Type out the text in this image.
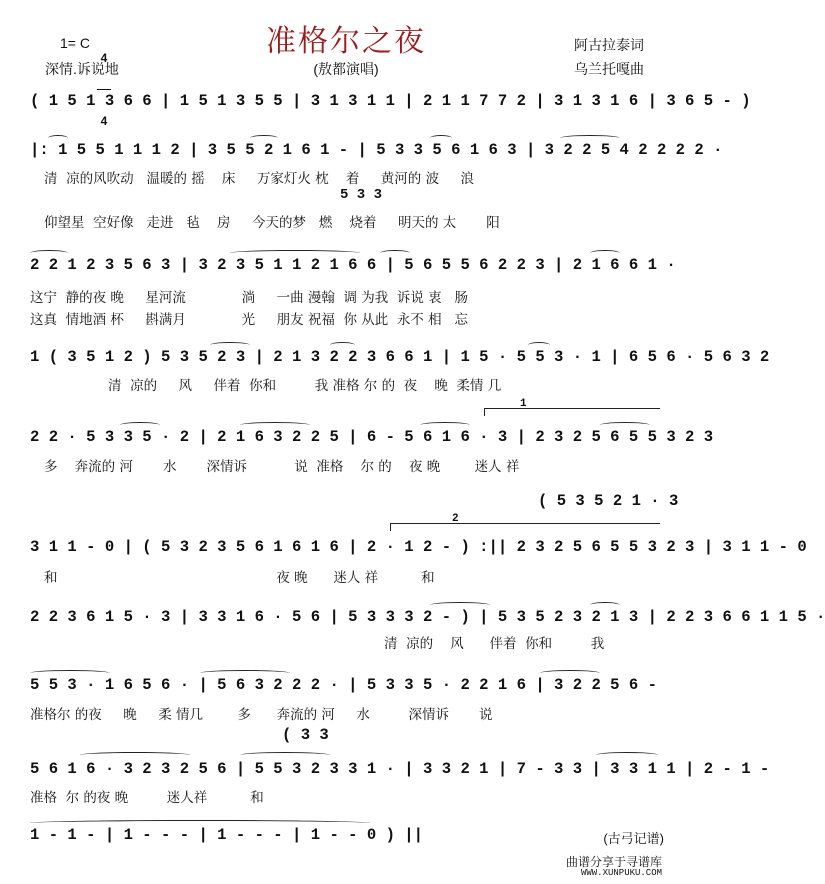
准格尔之夜
1= C

4

4

深情.诉说地	(敖都演唱)
阿古拉泰词
乌兰托嘎曲
( 1 5 1 3 6 6 | 1 5 1 3 5 5 | 3 1 3 1 1 | 2 1 1 7 7 2 | 3 1 3 1 6 | 3 6 5 - )
|: 1 5 5 1 1 1 2 | 3 5 5 2 1 6 1 - | 5 3 3 5 6 1 6 3 | 3 2 2 5 4 2 2 2 2 ·
清  凉的风吹动   温暖的 摇    床     万家灯火 枕    着     黄河的 波     浪
5 3 3
仰望星  空好像   走进   毡    房     今天的梦   燃    烧着     明天的 太       阳
2 2 1 2 3 5 6 3 | 3 2 3 5 1 1 2 1 6 6 | 5 6 5 5 6 2 2 3 | 2 1 6 6 1 ·
这宁  静的夜 晚     星河流             淌     一曲 漫翰  调 为我  诉说 衷   肠
这真  情地酒 杯     斟满月             光     朋友 祝福  你 从此  永不 相   忘
1 ( 3 5 1 2 ) 5 3 5 2 3 | 2 1 3 2 2 3 6 6 1 | 1 5 · 5 5 3 · 1 | 6 5 6 · 5 6 3 2
清  凉的     风     伴着  你和         我 准格 尔 的  夜    晚  柔情 几
1
2 2 · 5 3 3 5 · 2 | 2 1 6 3 2 2 5 | 6 - 5 6 1 6 · 3 | 2 3 2 5 6 5 5 3 2 3
多    奔流的 河       水       深情诉           说  准格    尔 的    夜 晚        迷人 祥
( 5 3 5 2 1 · 3
2
3 1 1 - 0 | ( 5 3 2 3 5 6 1 6 1 6 | 2 · 1 2 - ) :|| 2 3 2 5 6 5 5 3 2 3 | 3 1 1 - 0
和                                                   夜 晚      迷人 祥          和
2 2 3 6 1 5 · 3 | 3 3 1 6 · 5 6 | 5 3 3 3 2 - ) | 5 3 5 2 3 2 1 3 | 2 2 3 6 6 1 1 5 ·
清  凉的    风      伴着  你和         我
5 5 3 · 1 6 5 6 · | 5 6 3 2 2 2 · | 5 3 3 5 · 2 2 1 6 | 3 2 2 5 6 -
准格尔 的夜     晚     柔 情几        多      奔流的 河     水         深情诉       说
( 3 3
5 6 1 6 · 3 2 3 2 5 6 | 5 5 3 2 3 3 1 · | 3 3 2 1 | 7 - 3 3 | 3 3 1 1 | 2 - 1 -
准格  尔 的夜 晚         迷人祥          和
1 - 1 - | 1 - - - | 1 - - - | 1 - - 0 ) ||	(古弓记谱)
曲谱分享于寻谱库
WWW.XUNPUKU.COM
